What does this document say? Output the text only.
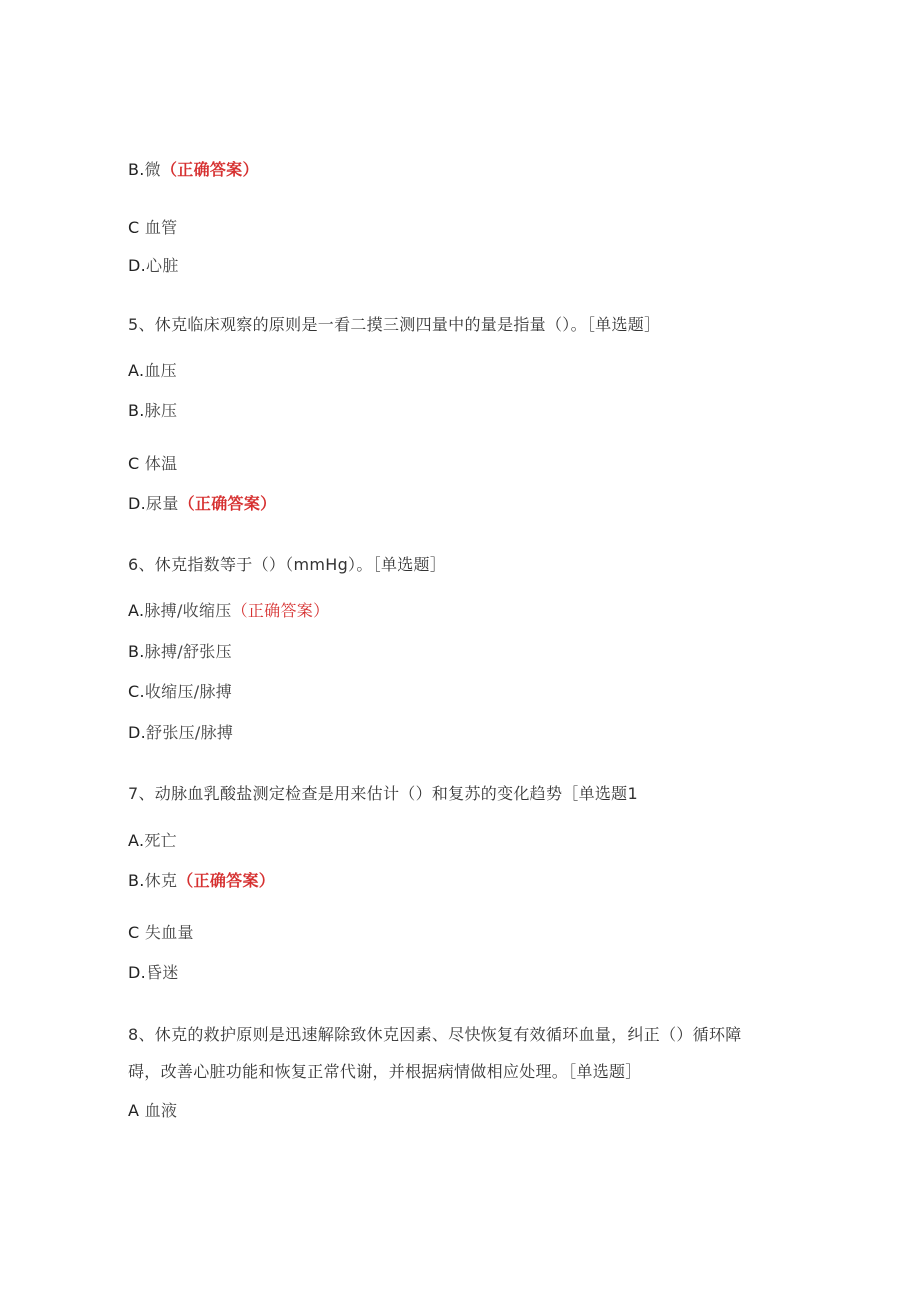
B.微（正确答案）
C 血管
D.心脏
5、休克临床观察的原则是一看二摸三测四量中的量是指量（）。［单选题］
A.血压
B.脉压
C 体温
D.尿量（正确答案）
6、休克指数等于（）（mmHg）。［单选题］
A.脉搏/收缩压（正确答案）
B.脉搏/舒张压
C.收缩压/脉搏
D.舒张压/脉搏
7、动脉血乳酸盐测定检查是用来估计（）和复苏的变化趋势［单选题1
A.死亡
B.休克（正确答案）
C 失血量
D.昏迷
8、休克的救护原则是迅速解除致休克因素、尽快恢复有效循环血量，纠正（）循环障碍，改善心脏功能和恢复正常代谢，并根据病情做相应处理。［单选题］
A 血液
